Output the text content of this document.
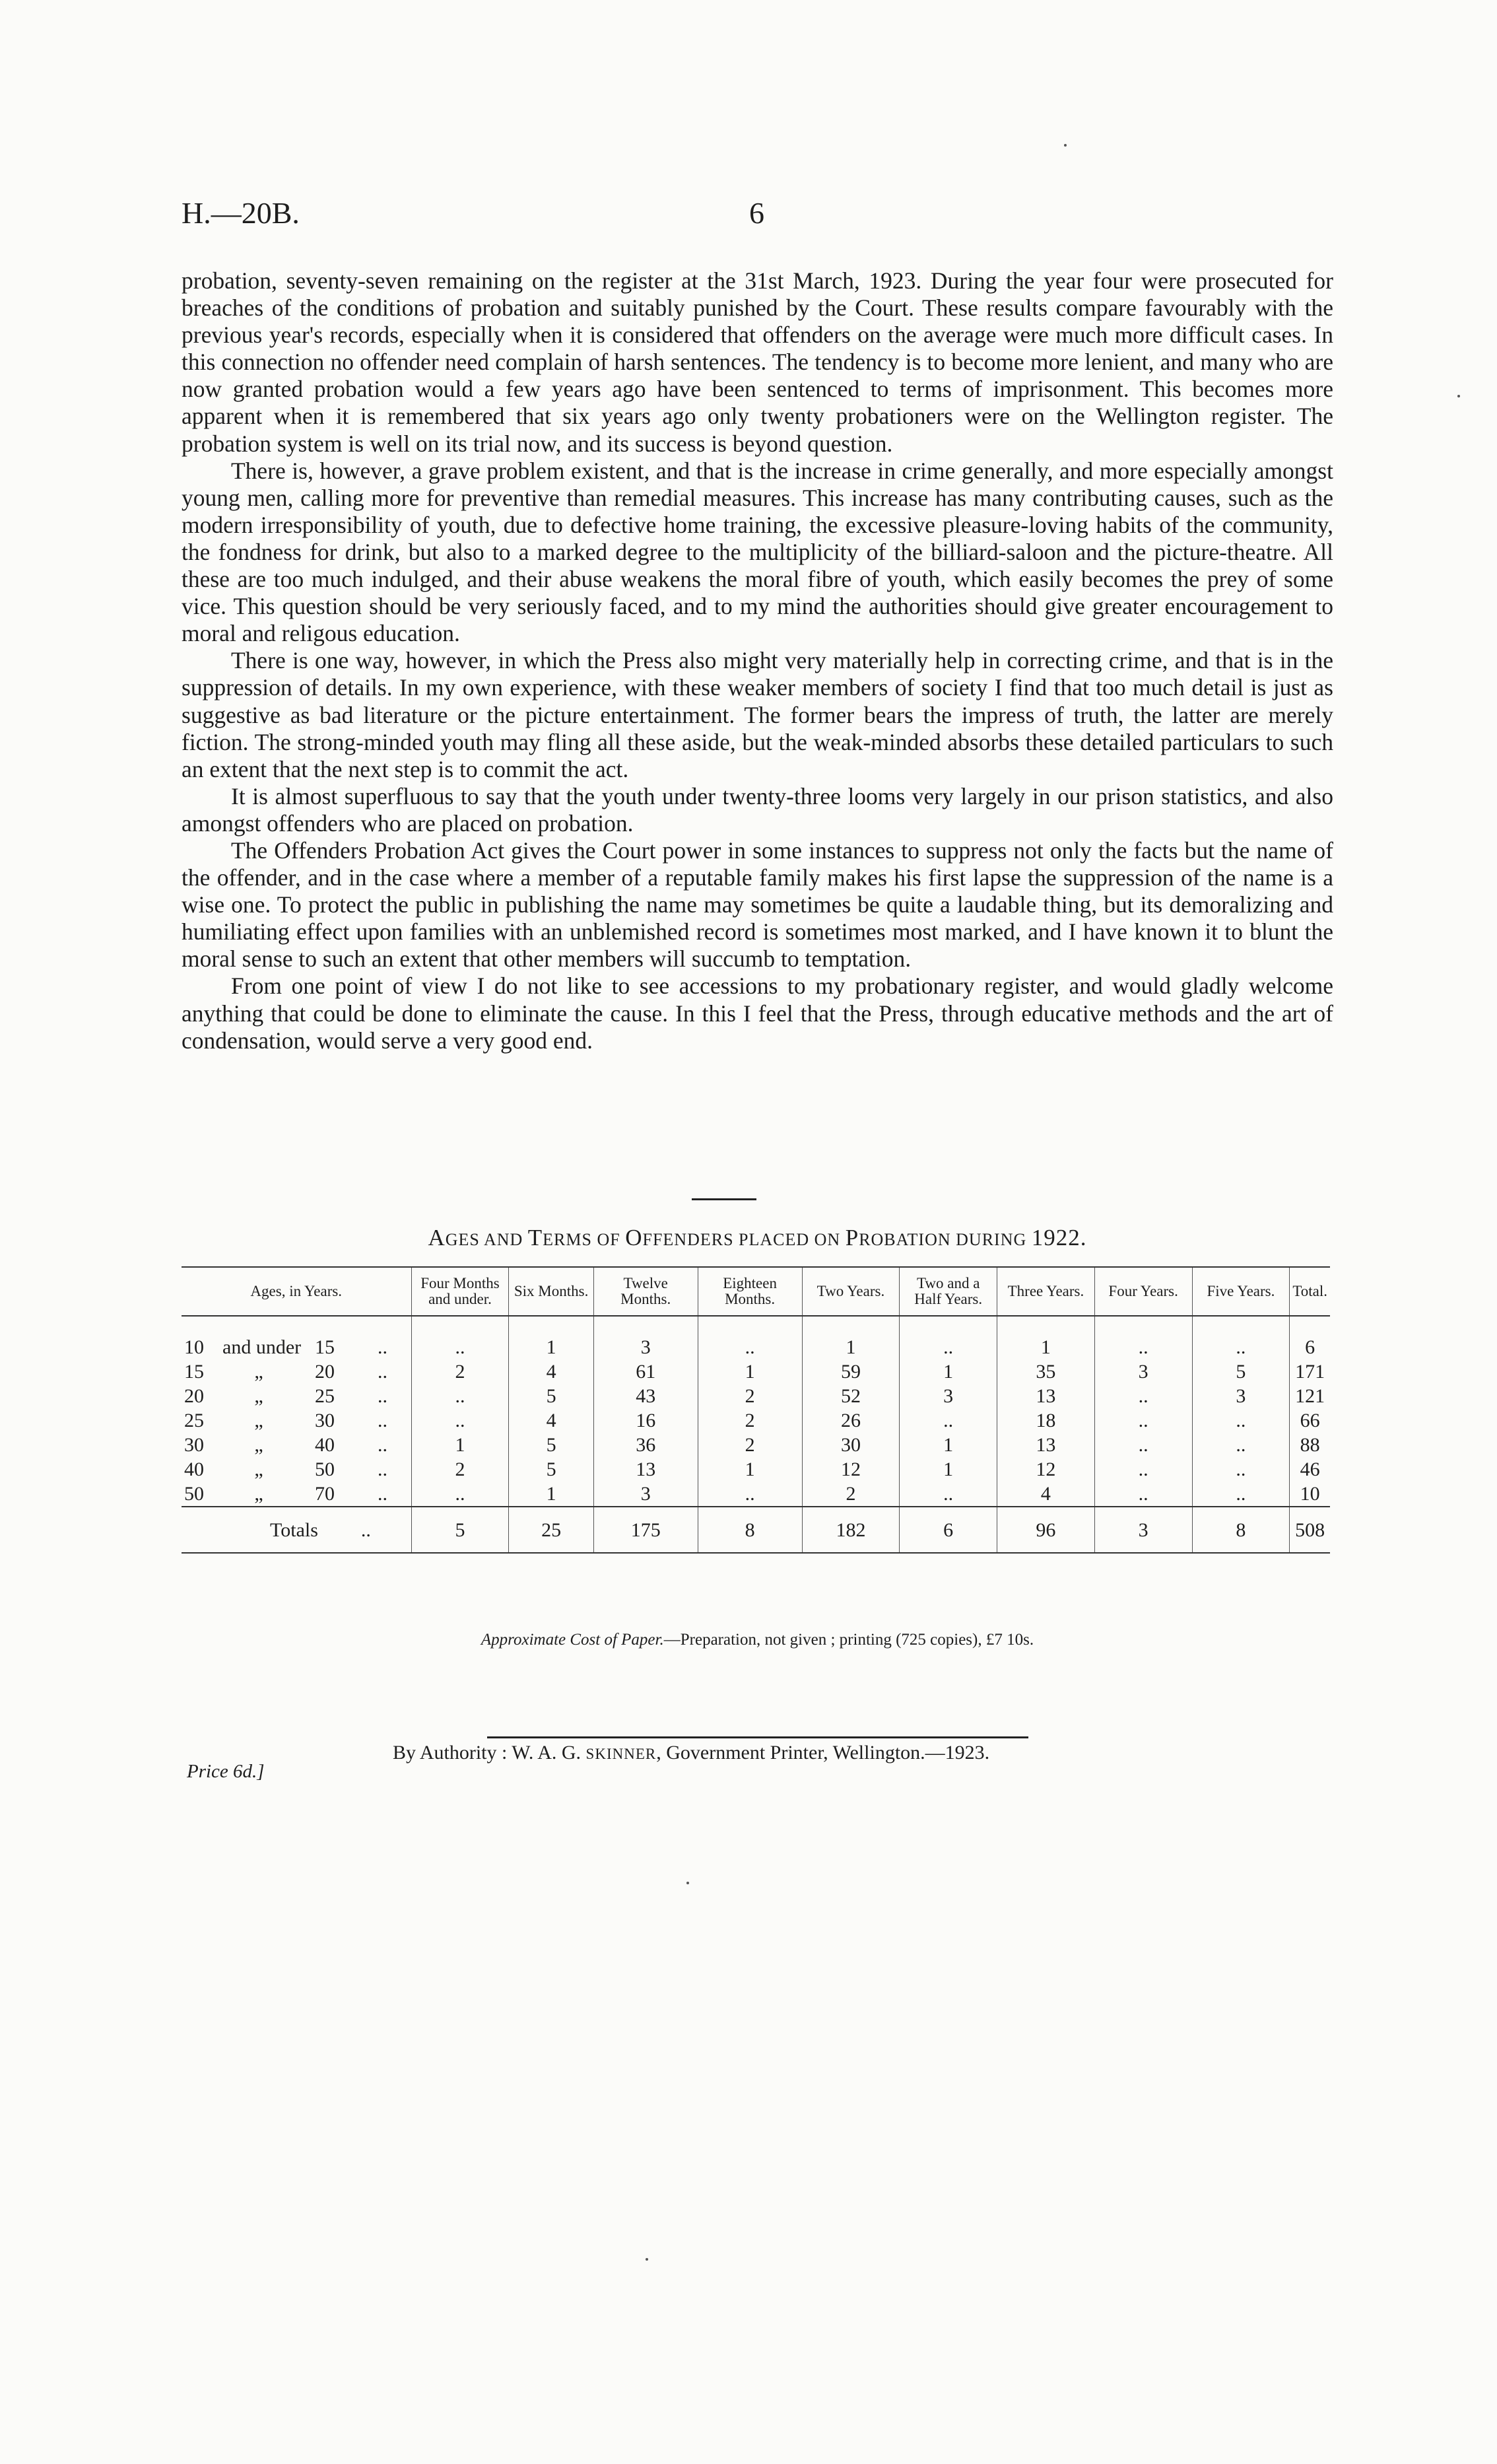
H.—20B.	6

probation, seventy-seven remaining on the register at the 31st March, 1923. During the year four were prosecuted for breaches of the conditions of probation and suitably punished by the Court. These results compare favourably with the previous year's records, especially when it is considered that offenders on the average were much more difficult cases. In this connection no offender need complain of harsh sentences. The tendency is to become more lenient, and many who are now granted probation would a few years ago have been sentenced to terms of imprisonment. This becomes more apparent when it is remembered that six years ago only twenty probationers were on the Wellington register. The probation system is well on its trial now, and its success is beyond question.

There is, however, a grave problem existent, and that is the increase in crime generally, and more especially amongst young men, calling more for preventive than remedial measures. This increase has many contributing causes, such as the modern irresponsibility of youth, due to defective home training, the excessive pleasure-loving habits of the community, the fondness for drink, but also to a marked degree to the multiplicity of the billiard-saloon and the picture-theatre. All these are too much indulged, and their abuse weakens the moral fibre of youth, which easily becomes the prey of some vice. This question should be very seriously faced, and to my mind the authorities should give greater encouragement to moral and religous education.

There is one way, however, in which the Press also might very materially help in correcting crime, and that is in the suppression of details. In my own experience, with these weaker members of society I find that too much detail is just as suggestive as bad literature or the picture entertainment. The former bears the impress of truth, the latter are merely fiction. The strong-minded youth may fling all these aside, but the weak-minded absorbs these detailed particulars to such an extent that the next step is to commit the act.

It is almost superfluous to say that the youth under twenty-three looms very largely in our prison statistics, and also amongst offenders who are placed on probation.

The Offenders Probation Act gives the Court power in some instances to suppress not only the facts but the name of the offender, and in the case where a member of a reputable family makes his first lapse the suppression of the name is a wise one. To protect the public in publishing the name may sometimes be quite a laudable thing, but its demoralizing and humiliating effect upon families with an unblemished record is sometimes most marked, and I have known it to blunt the moral sense to such an extent that other members will succumb to temptation.

From one point of view I do not like to see accessions to my probationary register, and would gladly welcome anything that could be done to eliminate the cause. In this I feel that the Press, through educative methods and the art of condensation, would serve a very good end.

AGES AND TERMS OF OFFENDERS PLACED ON PROBATION DURING 1922.
Ages, in Years.	Four Months and under.	Six Months.	Twelve Months.	Eighteen Months.	Two Years.	Two and a Half Years.	Three Years.	Four Years.	Five Years.	Total.
10 and under 15 ..	..	1	3	..	1	..	1	..	..	6
15 „ 20 ..	2	4	61	1	59	1	35	3	5	171
20 „ 25 ..	..	5	43	2	52	3	13	..	3	121
25 „ 30 ..	..	4	16	2	26	..	18	..	..	66
30 „ 40 ..	1	5	36	2	30	1	13	..	..	88
40 „ 50 ..	2	5	13	1	12	1	12	..	..	46
50 „ 70 ..	..	1	3	..	2	..	4	..	..	10
Totals ..	5	25	175	8	182	6	96	3	8	508
Approximate Cost of Paper.—Preparation, not given ; printing (725 copies), £7 10s.
By Authority : W. A. G. SKINNER, Government Printer, Wellington.—1923.
Price 6d.]
